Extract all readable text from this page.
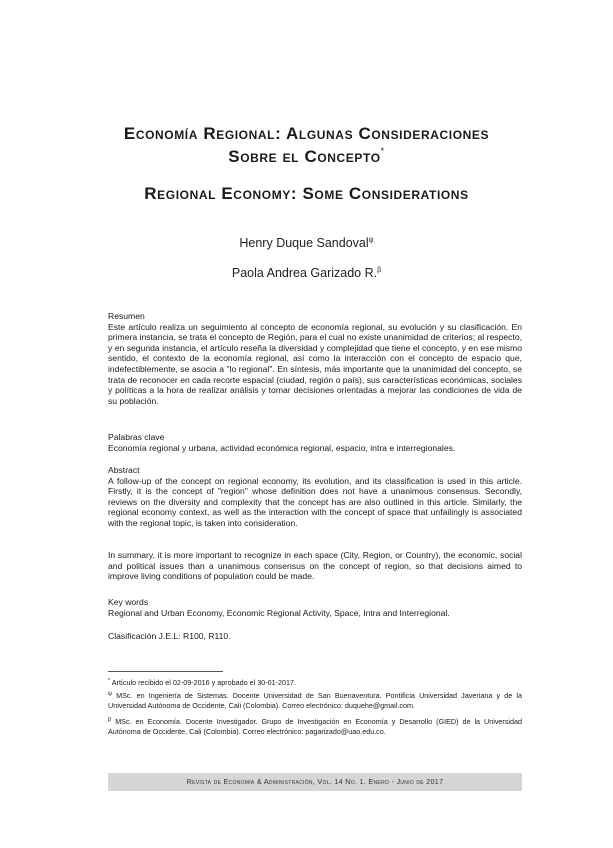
Economía Regional: Algunas Consideraciones
Sobre el Concepto*
Regional Economy: Some Considerations
Henry Duque Sandoval$^\psi$
Paola Andrea Garizado R.$^\beta$
Resumen
Este artículo realiza un seguimiento al concepto de economía regional, su evolución y su clasificación. En primera instancia, se trata el concepto de Región, para el cual no existe unanimidad de criterios; al respecto, y en segunda instancia, el artículo reseña la diversidad y complejidad que tiene el concepto, y en ese mismo sentido, el contexto de la economía regional, así como la interacción con el concepto de espacio que, indefectiblemente, se asocia a "lo regional". En síntesis, más importante que la unanimidad del concepto, se trata de reconocer en cada recorte espacial (ciudad, región o país), sus características económicas, sociales y políticas a la hora de realizar análisis y tomar decisiones orientadas a mejorar las condiciones de vida de su población.
Palabras clave
Economía regional y urbana, actividad económica regional, espacio, intra e interregionales.
Abstract
A follow-up of the concept on regional economy, its evolution, and its classification is used in this article. Firstly, it is the concept of "region" whose definition does not have a unanimous consensus. Secondly, reviews on the diversity and complexity that the concept has are also outlined in this article. Similarly, the regional economy context, as well as the interaction with the concept of space that unfailingly is associated with the regional topic, is taken into consideration.
In summary, it is more important to recognize in each space (City, Region, or Country), the economic, social and political issues than a unanimous consensus on the concept of region, so that decisions aimed to improve living conditions of population could be made.
Key words
Regional and Urban Economy, Economic Regional Activity, Space, Intra and Interregional.
Clasificación J.E.L: R100, R110.
* Artículo recibido el 02-09-2016 y aprobado el 30-01-2017.
$^\psi$ MSc. en Ingeniería de Sistemas. Docente Universidad de San Buenaventura. Pontificia Universidad Javeriana y de la Universidad Autónoma de Occidente, Cali (Colombia). Correo electrónico: duquehe@gmail.com.
$^\beta$ MSc. en Economía. Docente Investigador. Grupo de Investigación en Economía y Desarrollo (GIED) de la Universidad Autónoma de Occidente, Cali (Colombia). Correo electrónico: pagarizado@uao.edu.co.
Revista de Economía & Administración, Vol. 14 No. 1. Enero - Junio de 2017
